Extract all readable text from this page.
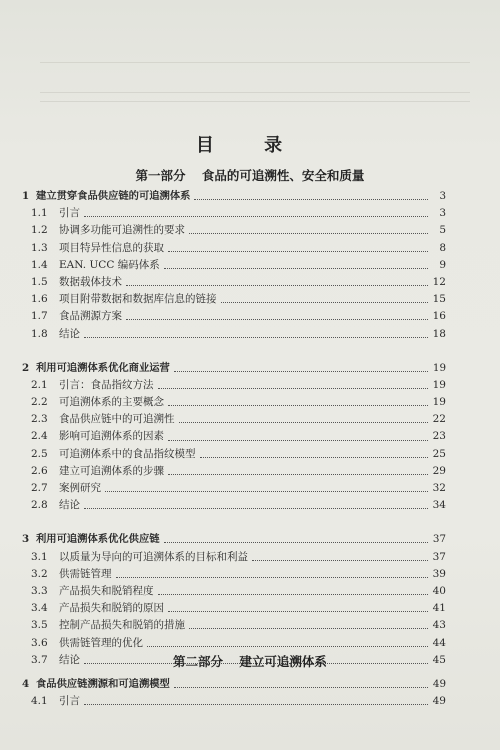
目 录
第一部分 食品的可追溯性、安全和质量
1 建立贯穿食品供应链的可追溯体系	3
1.1	引言	3
1.2	协调多功能可追溯性的要求	5
1.3	项目特异性信息的获取	8
1.4	EAN. UCC 编码体系	9
1.5	数据载体技术	12
1.6	项目附带数据和数据库信息的链接	15
1.7	食品溯源方案	16
1.8	结论	18
2 利用可追溯体系优化商业运营	19
2.1	引言：食品指纹方法	19
2.2	可追溯体系的主要概念	19
2.3	食品供应链中的可追溯性	22
2.4	影响可追溯体系的因素	23
2.5	可追溯体系中的食品指纹模型	25
2.6	建立可追溯体系的步骤	29
2.7	案例研究	32
2.8	结论	34
3 利用可追溯体系优化供应链	37
3.1	以质量为导向的可追溯体系的目标和利益	37
3.2	供需链管理	39
3.3	产品损失和脱销程度	40
3.4	产品损失和脱销的原因	41
3.5	控制产品损失和脱销的措施	43
3.6	供需链管理的优化	44
3.7	结论	45
第二部分 建立可追溯体系
4 食品供应链溯源和可追溯模型	49
4.1	引言	49
